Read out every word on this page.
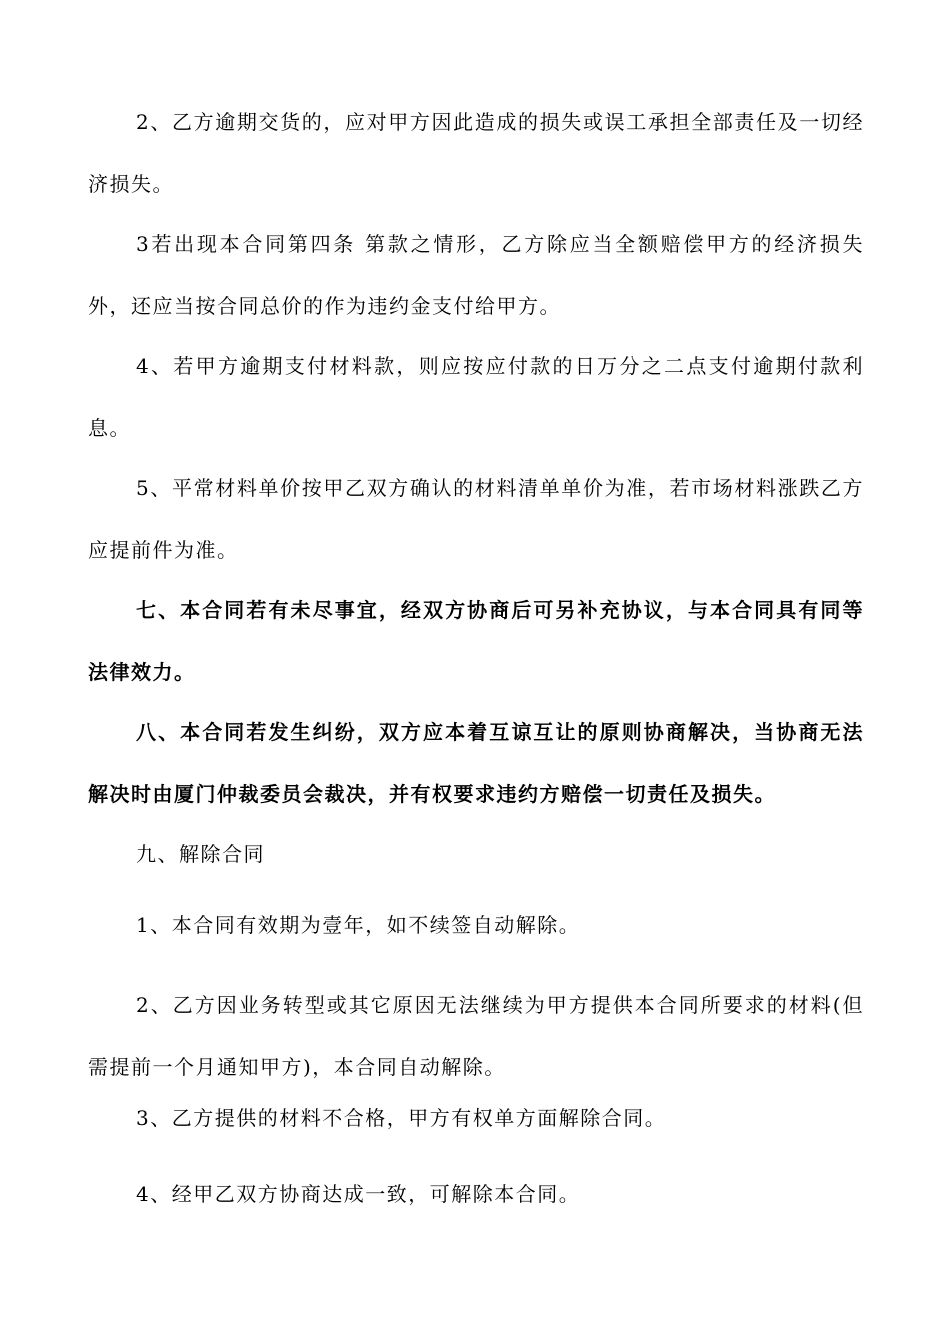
2、乙方逾期交货的，应对甲方因此造成的损失或误工承担全部责任及一切经济损失。

3若出现本合同第四条 第款之情形，乙方除应当全额赔偿甲方的经济损失外，还应当按合同总价的作为违约金支付给甲方。

4、若甲方逾期支付材料款，则应按应付款的日万分之二点支付逾期付款利息。

5、平常材料单价按甲乙双方确认的材料清单单价为准，若市场材料涨跌乙方应提前件为准。

七、本合同若有未尽事宜，经双方协商后可另补充协议，与本合同具有同等法律效力。

八、本合同若发生纠纷，双方应本着互谅互让的原则协商解决，当协商无法解决时由厦门仲裁委员会裁决，并有权要求违约方赔偿一切责任及损失。

九、解除合同

1、本合同有效期为壹年，如不续签自动解除。

2、乙方因业务转型或其它原因无法继续为甲方提供本合同所要求的材料(但需提前一个月通知甲方)，本合同自动解除。

3、乙方提供的材料不合格，甲方有权单方面解除合同。

4、经甲乙双方协商达成一致，可解除本合同。
